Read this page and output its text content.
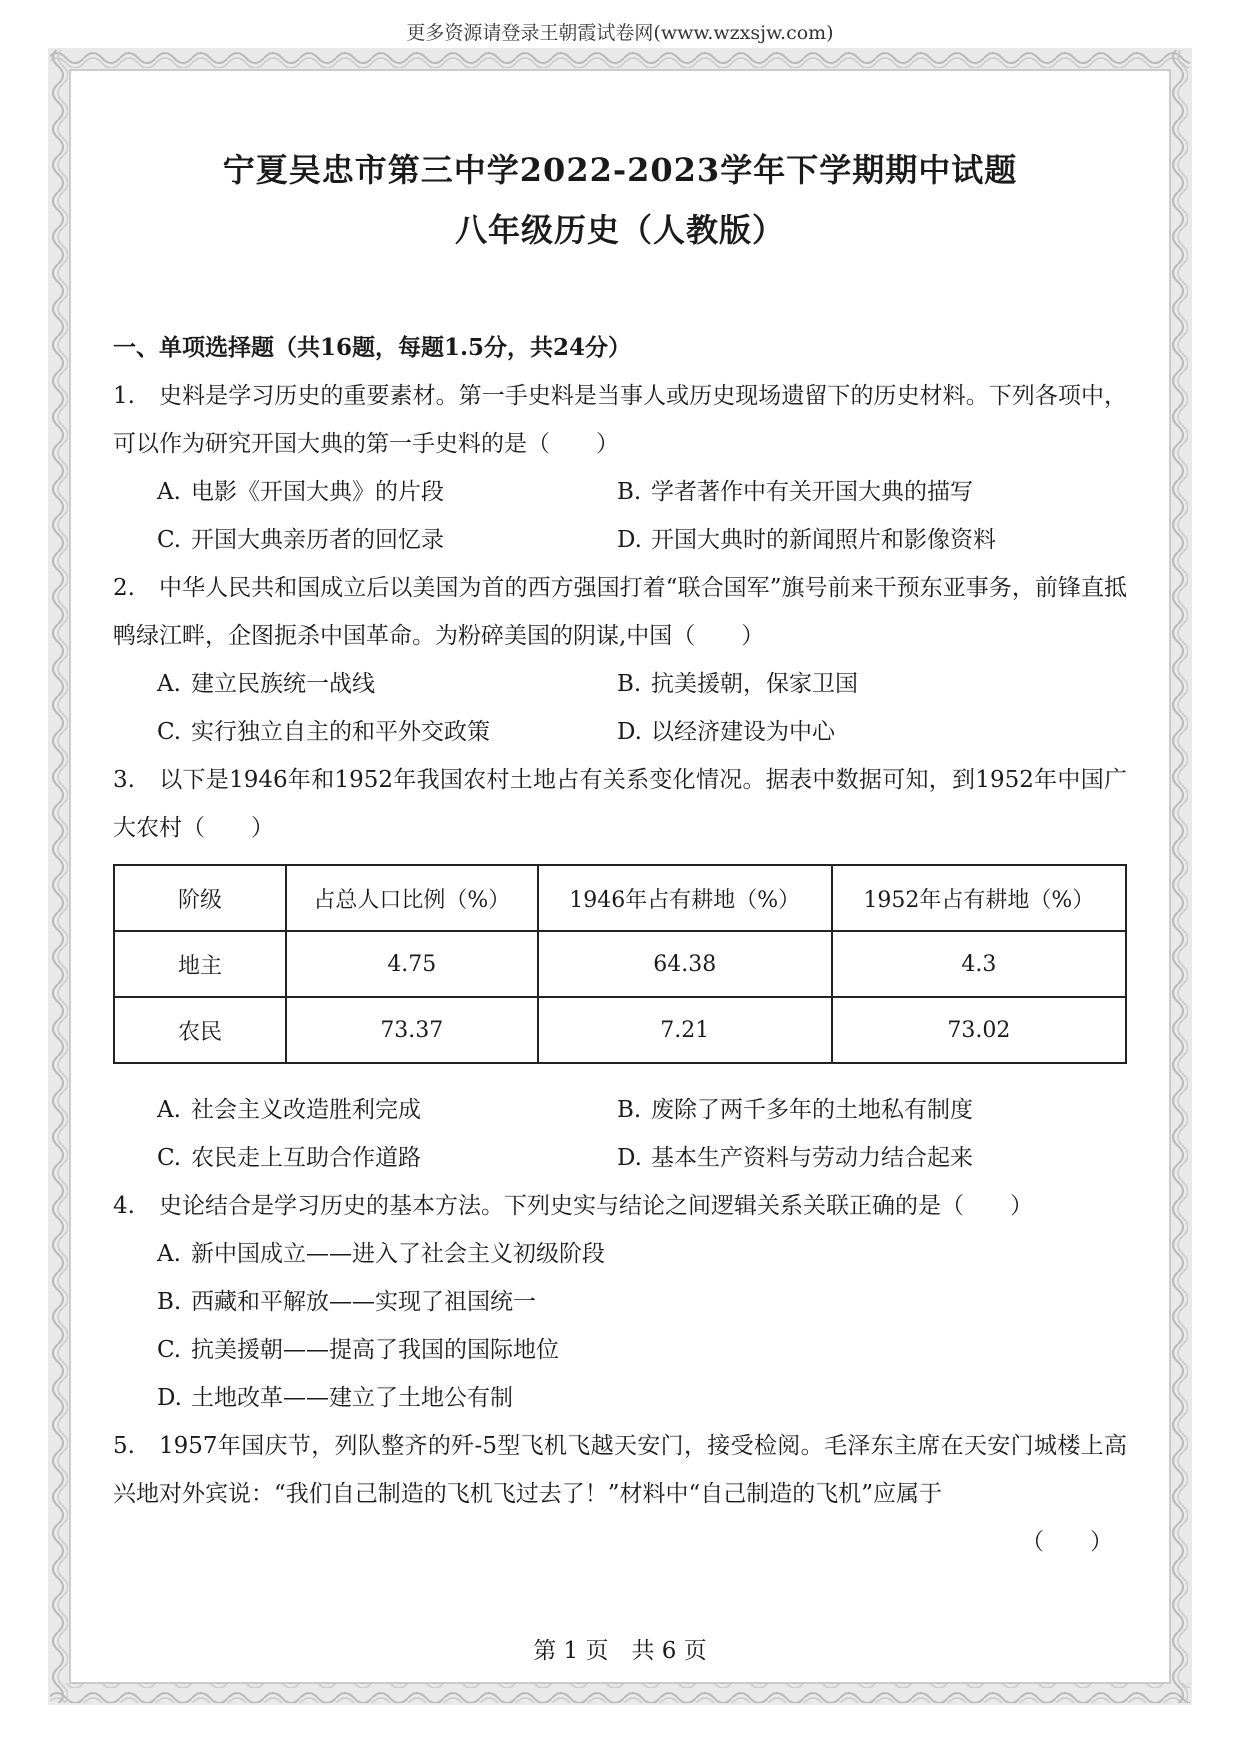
更多资源请登录王朝霞试卷网(www.wzxsjw.com)
宁夏吴忠市第三中学2022-2023学年下学期期中试题
八年级历史（人教版）
一、单项选择题（共16题，每题1.5分，共24分）
1. 史料是学习历史的重要素材。第一手史料是当事人或历史现场遗留下的历史材料。下列各项中，可以作为研究开国大典的第一手史料的是（　　）
A. 电影《开国大典》的片段	B. 学者著作中有关开国大典的描写
C. 开国大典亲历者的回忆录	D. 开国大典时的新闻照片和影像资料
2. 中华人民共和国成立后以美国为首的西方强国打着“联合国军”旗号前来干预东亚事务，前锋直抵鸭绿江畔，企图扼杀中国革命。为粉碎美国的阴谋,中国（　　）
A. 建立民族统一战线	B. 抗美援朝，保家卫国
C. 实行独立自主的和平外交政策	D. 以经济建设为中心
3. 以下是1946年和1952年我国农村土地占有关系变化情况。据表中数据可知，到1952年中国广大农村（　　）
阶级	占总人口比例（%）	1946年占有耕地（%）	1952年占有耕地（%）
地主	4.75	64.38	4.3
农民	73.37	7.21	73.02
A. 社会主义改造胜利完成	B. 废除了两千多年的土地私有制度
C. 农民走上互助合作道路	D. 基本生产资料与劳动力结合起来
4. 史论结合是学习历史的基本方法。下列史实与结论之间逻辑关系关联正确的是（　　）
A. 新中国成立——进入了社会主义初级阶段
B. 西藏和平解放——实现了祖国统一
C. 抗美援朝——提高了我国的国际地位
D. 土地改革——建立了土地公有制
5. 1957年国庆节，列队整齐的歼-5型飞机飞越天安门，接受检阅。毛泽东主席在天安门城楼上高兴地对外宾说：“我们自己制造的飞机飞过去了！”材料中“自己制造的飞机”应属于
（　　）
第 1 页　共 6 页
